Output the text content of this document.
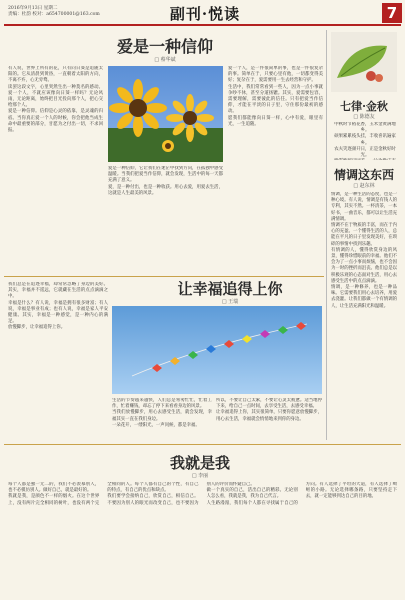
2016年9月13日 星期二
责编：杜韵 校对：a654700001@163.com	副刊·悦读	7
爱是一种信仰
□ 蔡华斌
有人说，世界上所有的花，只有向日葵是追随太阳的。它从清晨到黄昏，一直朝着太阳的方向，不离不弃，心无旁骛。
读罢这段文字，心里突然生出一种莫名的感动。爱一个人，不就应该像向日葵一样吗？无论风雨，无论距离，始终把目光投向那个人，把心交给那个人。
爱是一种信仰。信仰是心灵的依靠，是灵魂的归宿。当你真正爱一个人的时候，你会把他当成生命中最重要的部分，甘愿为之付出一切，不求回报。
爱是一种信仰，它让我们在迷茫中找到方向，在孤独中感受温暖。当我们把爱当作信仰，就会发现，生活中的每一天都充满了意义。
爱，是一种付出，也是一种收获。用心去爱，用爱去生活，这就是人生最美的风景。
爱一个人，是一件很简单的事，也是一件很复杂的事。简单在于，只要心里有他，一切都变得美好；复杂在于，爱需要用一生去经营和守护。
生活中，我们常常看到一些人，因为一点小事就争吵不休，甚至分道扬镳。其实，爱需要包容，需要理解，需要彼此的信任。只有把爱当作信仰，才能在平淡的日子里，守住那份最初的感动。
愿我们都能像向日葵一样，心中有爱，眼里有光，一生追随。
七律·金秋
□ 陈德友
中秋时节稻花香，玉米金黄满地乡。
硕果累累枝头挂，丰收喜讯遍家乡。
农夫笑逐颜开日，正是金秋好时光。

情调这东西
□ 赵东林
情调，是一种生活的态度，也是一种心境。有人说，情调是有钱人的专利，其实不然。一杯清茶，一本好书，一曲音乐，都可以让生活充满情调。
情调不在于物质的丰富，而在于内心的充盈。一个懂得生活的人，总能在平凡的日子里发现美好，在琐碎的事情中找到乐趣。
有情调的人，懂得欣赏身边的风景，懂得珍惜眼前的幸福。他们不会为了一点小事而烦恼，也不会因为一时的挫折而沮丧。他们总是以积极乐观的心态面对生活，用心去感受生活中的点点滴滴。
情调，是一种修养，也是一种品味。它需要我们用心去培养，用爱去浇灌。让我们都做一个有情调的人，让生活充满阳光和温暖。
我们总是在追逐幸福，却常常忽略了身边的美好。其实，幸福并不遥远，它就藏在生活的点点滴滴之中。
幸福是什么？有人说，幸福是拥有很多财富；有人说，幸福是事业有成；也有人说，幸福是家人平安健康。其实，幸福是一种感觉，是一种内心的满足。
放慢脚步，让幸福追得上你。
让幸福追得上你
□ 王瑞
生活的节奏越来越快，人们总是匆匆忙忙，忙着工作，忙着赚钱，却忘了停下来看看身边的风景。
当我们放慢脚步，用心去感受生活，就会发现，幸福其实一直在我们身边。
一朵花开，一缕阳光，一声问候，都是幸福。
所以，不要让自己太累，不要让心灵太疲惫。适当地停下来，给自己一点时间，去享受生活，去感受幸福。
让幸福追得上你，其实很简单，只要你愿意放慢脚步，用心去生活，幸福就会悄悄地来到你的身边。
我就是我
□ 李丽
每个人都是独一无二的，我们不必羡慕别人，也不必模仿别人。做好自己，就是最好的。
我就是我，是颜色不一样的烟火。在这个世界上，没有两片完全相同的树叶，也没有两个完全相同的人。每个人都有自己的个性，有自己的特点，有自己的优点和缺点。
我们要学会接纳自己，欣赏自己，相信自己。不要因为别人的眼光而改变自己，也不要因为别人的评价而怀疑自己。
做一个真实的自己，活出自己的精彩。无论别人怎么看，我就是我，我为自己代言。
人生路漫漫，我们每个人都在寻找属于自己的方向。有人选择了平坦的大道，有人选择了崎岖的小路。无论选择哪条路，只要坚持走下去，就一定能够到达自己的目的地。
